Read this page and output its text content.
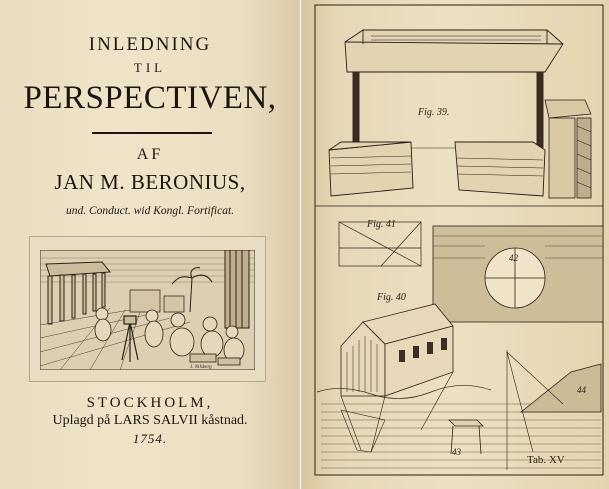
INLEDNING
TIL
PERSPECTIVEN,
AF
JAN M. BERONIUS,
und. Conduct. wid Kongl. Fortificat.
J. Nilsberg
STOCKHOLM,
Uplagd på LARS SALVII kåstnad.
1754.
Fig. 39.
Fig. 41
Fig. 40
42
43
44
Tab. XV
